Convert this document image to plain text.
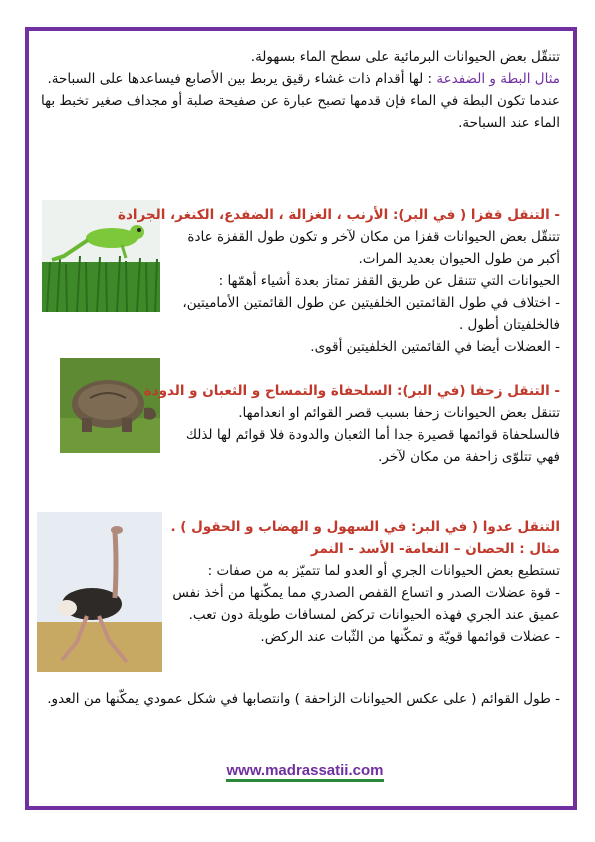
تتنقّل بعض الحيوانات البرمائية على سطح الماء بسهولة.
مثال البطة و الضفدعة : لها أقدام ذات غشاء رقيق يربط بين الأصابع فيساعدها على السباحة.
عندما تكون البطة في الماء فإن قدمها تصبح عبارة عن صفيحة صلبة أو مجداف صغير تخبط بها الماء عند السباحة.
- التنقل قفزا ( في البر): الأرنب ، الغزالة ، الضفدع، الكنغر، الجرادة
تتنقّل بعض الحيوانات قفزا من مكان لآخر و تكون طول القفزة عادة أكبر من طول الحيوان بعديد المرات.
الحيوانات التي تتنقل عن طريق القفز تمتاز بعدة أشياء أهمّها :
- اختلاف في طول القائمتين الخلفيتين عن طول القائمتين الأماميتين، فالخلفيتان أطول .
- العضلات أيضا في القائمتين الخلفيتين أقوى.
- التنقل زحفا (في البر): السلحفاة والتمساح و الثعبان و الدودة
تتنقل بعض الحيوانات زحفا بسبب قصر القوائم او انعدامها.
فالسلحفاة قوائمها قصيرة جدا أما الثعبان والدودة فلا قوائم لها لذلك فهي تتلوّى زاحفة من مكان لآخر.
التنقل عدوا ( في البر: في السهول و الهضاب و الحقول ) .
مثال : الحصان – النعامة- الأسد - النمر
تستطيع بعض الحيوانات الجري أو العدو لما تتميّز به من صفات :
- قوة عضلات الصدر و اتساع القفص الصدري مما يمكّنها من أخذ نفس عميق عند الجري فهذه الحيوانات تركض لمسافات طويلة دون تعب.
- عضلات قوائمها قويّة و تمكّنها من الثّبات عند الركض.
- طول القوائم ( على عكس الحيوانات الزاحفة ) وانتصابها في شكل عمودي يمكّنها من العدو.
www.madrassatii.com
